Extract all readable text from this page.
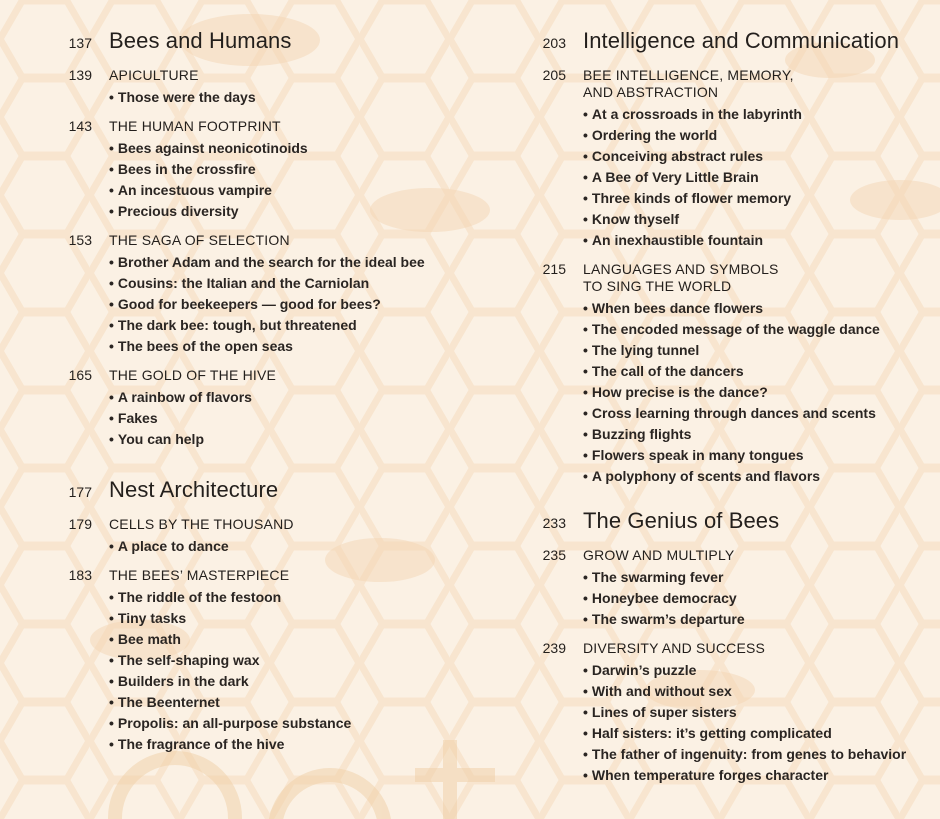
137 Bees and Humans
139 APICULTURE
• Those were the days
143 THE HUMAN FOOTPRINT
• Bees against neonicotinoids
• Bees in the crossfire
• An incestuous vampire
• Precious diversity
153 THE SAGA OF SELECTION
• Brother Adam and the search for the ideal bee
• Cousins: the Italian and the Carniolan
• Good for beekeepers — good for bees?
• The dark bee: tough, but threatened
• The bees of the open seas
165 THE GOLD OF THE HIVE
• A rainbow of flavors
• Fakes
• You can help
177 Nest Architecture
179 CELLS BY THE THOUSAND
• A place to dance
183 THE BEES’ MASTERPIECE
• The riddle of the festoon
• Tiny tasks
• Bee math
• The self-shaping wax
• Builders in the dark
• The Beenternet
• Propolis: an all-purpose substance
• The fragrance of the hive
203 Intelligence and Communication
205 BEE INTELLIGENCE, MEMORY,
AND ABSTRACTION
• At a crossroads in the labyrinth
• Ordering the world
• Conceiving abstract rules
• A Bee of Very Little Brain
• Three kinds of flower memory
• Know thyself
• An inexhaustible fountain
215 LANGUAGES AND SYMBOLS
TO SING THE WORLD
• When bees dance flowers
• The encoded message of the waggle dance
• The lying tunnel
• The call of the dancers
• How precise is the dance?
• Cross learning through dances and scents
• Buzzing flights
• Flowers speak in many tongues
• A polyphony of scents and flavors
233 The Genius of Bees
235 GROW AND MULTIPLY
• The swarming fever
• Honeybee democracy
• The swarm’s departure
239 DIVERSITY AND SUCCESS
• Darwin’s puzzle
• With and without sex
• Lines of super sisters
• Half sisters: it’s getting complicated
• The father of ingenuity: from genes to behavior
• When temperature forges character
